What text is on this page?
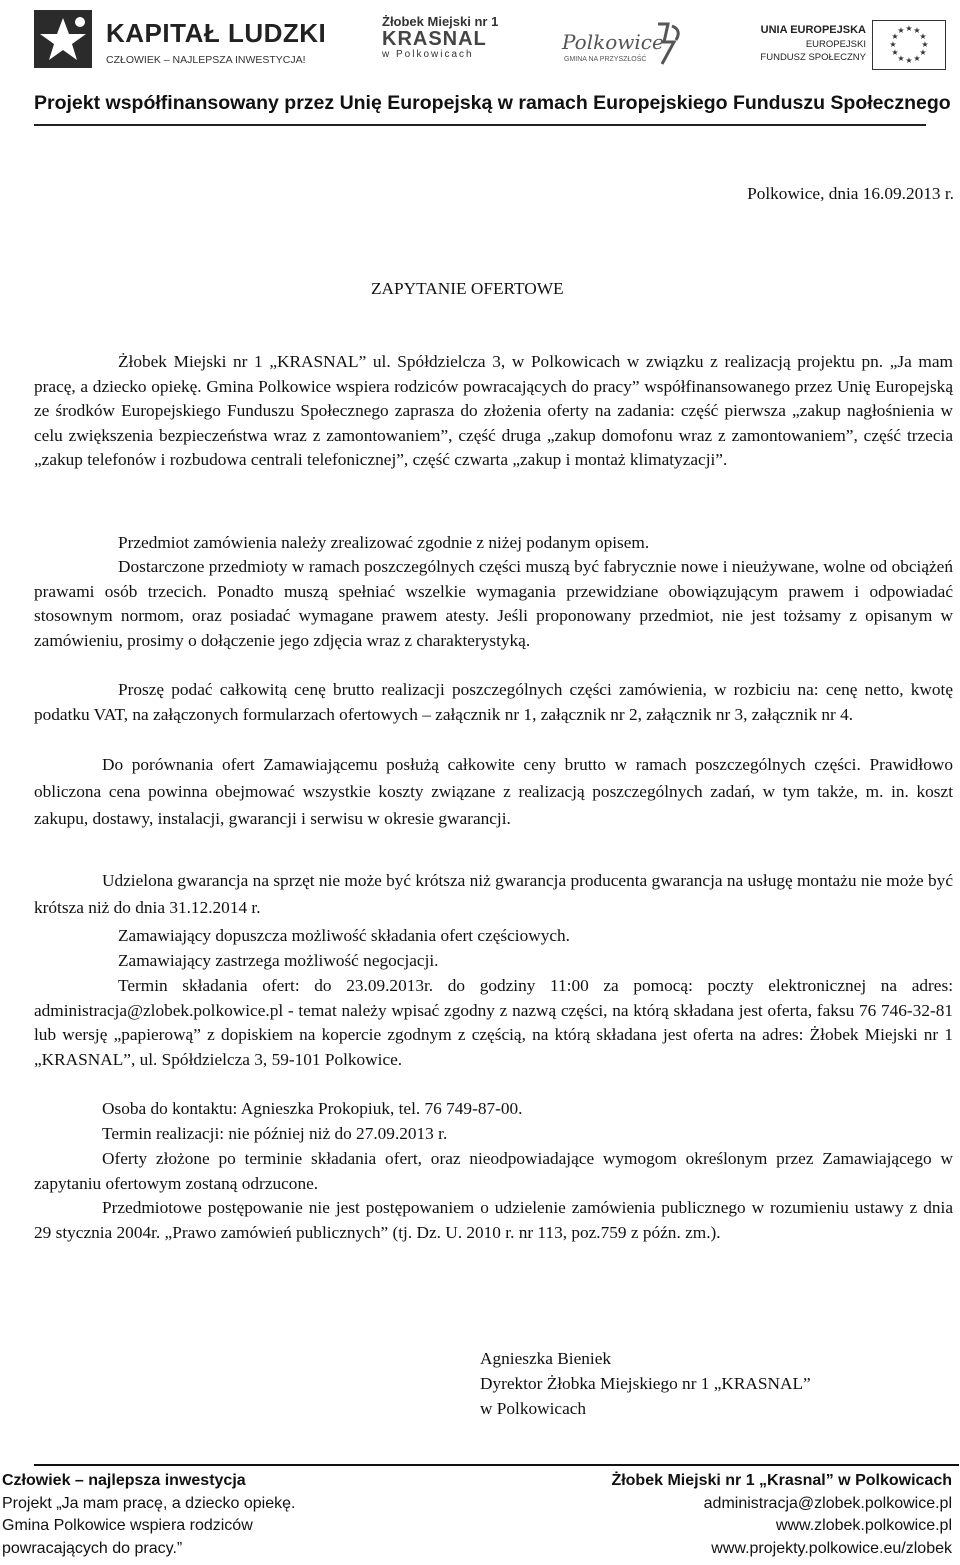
KAPITAŁ LUDZKI
CZŁOWIEK – NAJLEPSZA INWESTYCJA!
Żłobek Miejski nr 1
KRASNAL
w Polkowicach
Polkowice
GMINA NA PRZYSZŁOŚĆ
UNIA EUROPEJSKA
EUROPEJSKI
FUNDUSZ SPOŁECZNY
★ ★
★
★
★
★
★
★
★
★
★
★
Projekt współfinansowany przez Unię Europejską w ramach Europejskiego Funduszu Społecznego
Polkowice, dnia 16.09.2013 r.
ZAPYTANIE OFERTOWE
Żłobek Miejski nr 1 „KRASNAL” ul. Spółdzielcza 3, w Polkowicach w związku z realizacją projektu pn. „Ja mam pracę, a dziecko opiekę. Gmina Polkowice wspiera rodziców powracających do pracy” współfinansowanego przez Unię Europejską ze środków Europejskiego Funduszu Społecznego zaprasza do złożenia oferty na zadania: część pierwsza „zakup nagłośnienia w celu zwiększenia bezpieczeństwa wraz z zamontowaniem”, część druga „zakup domofonu wraz z zamontowaniem”, część trzecia „zakup telefonów i rozbudowa centrali telefonicznej”, część czwarta „zakup i montaż klimatyzacji”.
Przedmiot zamówienia należy zrealizować zgodnie z niżej podanym opisem.
Dostarczone przedmioty w ramach poszczególnych części muszą być fabrycznie nowe i nieużywane, wolne od obciążeń prawami osób trzecich. Ponadto muszą spełniać wszelkie wymagania przewidziane obowiązującym prawem i odpowiadać stosownym normom, oraz posiadać wymagane prawem atesty. Jeśli proponowany przedmiot, nie jest tożsamy z opisanym w zamówieniu, prosimy o dołączenie jego zdjęcia wraz z charakterystyką.
Proszę podać całkowitą cenę brutto realizacji poszczególnych części zamówienia, w rozbiciu na: cenę netto, kwotę podatku VAT, na załączonych formularzach ofertowych – załącznik nr 1, załącznik nr 2, załącznik nr 3, załącznik nr 4.
Do porównania ofert Zamawiającemu posłużą całkowite ceny brutto w ramach poszczególnych części. Prawidłowo obliczona cena powinna obejmować wszystkie koszty związane z realizacją poszczególnych zadań, w tym także, m. in. koszt zakupu, dostawy, instalacji, gwarancji i serwisu w okresie gwarancji.
Udzielona gwarancja na sprzęt nie może być krótsza niż gwarancja producenta gwarancja na usługę montażu nie może być krótsza niż do dnia 31.12.2014 r.
Zamawiający dopuszcza możliwość składania ofert częściowych.
Zamawiający zastrzega możliwość negocjacji.
Termin składania ofert: do 23.09.2013r. do godziny 11:00 za pomocą: poczty elektronicznej na adres: administracja@zlobek.polkowice.pl - temat należy wpisać zgodny z nazwą części, na którą składana jest oferta, faksu 76 746-32-81 lub wersję „papierową” z dopiskiem na kopercie zgodnym z częścią, na którą składana jest oferta na adres: Żłobek Miejski nr 1 „KRASNAL”, ul. Spółdzielcza 3, 59-101 Polkowice.
Osoba do kontaktu: Agnieszka Prokopiuk, tel. 76 749-87-00.
Termin realizacji: nie później niż do 27.09.2013 r.
Oferty złożone po terminie składania ofert, oraz nieodpowiadające wymogom określonym przez Zamawiającego w zapytaniu ofertowym zostaną odrzucone.
Przedmiotowe postępowanie nie jest postępowaniem o udzielenie zamówienia publicznego w rozumieniu ustawy z dnia 29 stycznia 2004r. „Prawo zamówień publicznych” (tj. Dz. U. 2010 r. nr 113, poz.759 z późn. zm.).
Agnieszka Bieniek
Dyrektor Żłobka Miejskiego nr 1 „KRASNAL”
w Polkowicach
Człowiek – najlepsza inwestycja
Projekt „Ja mam pracę, a dziecko opiekę.
Gmina Polkowice wspiera rodziców
powracających do pracy.”
Żłobek Miejski nr 1 „Krasnal” w Polkowicach
administracja@zlobek.polkowice.pl
www.zlobek.polkowice.pl
www.projekty.polkowice.eu/zlobek
